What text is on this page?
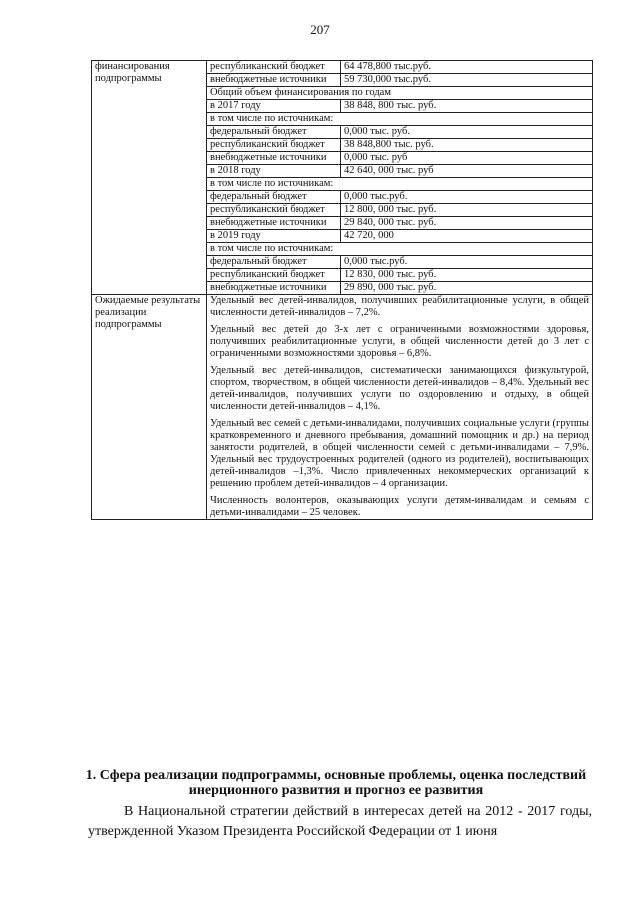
207
финансирования подпрограммы	республиканский бюджет	64 478,800 тыс.руб.
	внебюджетные источники	59 730,000 тыс.руб.
	Общий объем финансирования по годам	
	в 2017 году	38 848, 800 тыс. руб.
	в том числе по источникам:	
	федеральный бюджет	0,000 тыс. руб.
	республиканский бюджет	38 848,800 тыс. руб.
	внебюджетные источники	0,000 тыс. руб
	в 2018 году	42 640, 000 тыс. руб
	в том числе по источникам:	
	федеральный бюджет	0,000 тыс.руб.
	республиканский бюджет	12 800, 000 тыс. руб.
	внебюджетные источники	29 840, 000 тыс. руб.
	в 2019 году	42 720, 000
	в том числе по источникам:	
	федеральный бюджет	0,000 тыс.руб.
	республиканский бюджет	12 830, 000 тыс. руб.
	внебюджетные источники	29 890, 000 тыс. руб.
Ожидаемые результаты реализации подпрограммы	Удельный вес детей-инвалидов, получивших реабилитационные услуги, в общей численности детей-инвалидов – 7,2%.
Удельный вес детей до 3-х лет с ограниченными возможностями здоровья, получивших реабилитационные услуги, в общей численности детей до 3 лет с ограниченными возможностями здоровья – 6,8%.
Удельный вес детей-инвалидов, систематически занимающихся физкультурой, спортом, творчеством, в общей численности детей-инвалидов – 8,4%. Удельный вес детей-инвалидов, получивших услуги по оздоровлению и отдыху, в общей численности детей-инвалидов – 4,1%.
Удельный вес семей с детьми-инвалидами, получивших социальные услуги (группы кратковременного и дневного пребывания, домашний помощник и др.) на период занятости родителей, в общей численности семей с детьми-инвалидами – 7,9%. Удельный вес трудоустроенных родителей (одного из родителей), воспитывающих детей-инвалидов –1,3%. Число привлеченных некоммерческих организаций к решению проблем детей-инвалидов – 4 организации.
Численность волонтеров, оказывающих услуги детям-инвалидам и семьям с детьми-инвалидами – 25 человек.	
1. Сфера реализации подпрограммы, основные проблемы, оценка последствий инерционного развития и прогноз ее развития
В Национальной стратегии действий в интересах детей на 2012 - 2017 годы, утвержденной Указом Президента Российской Федерации от 1 июня
